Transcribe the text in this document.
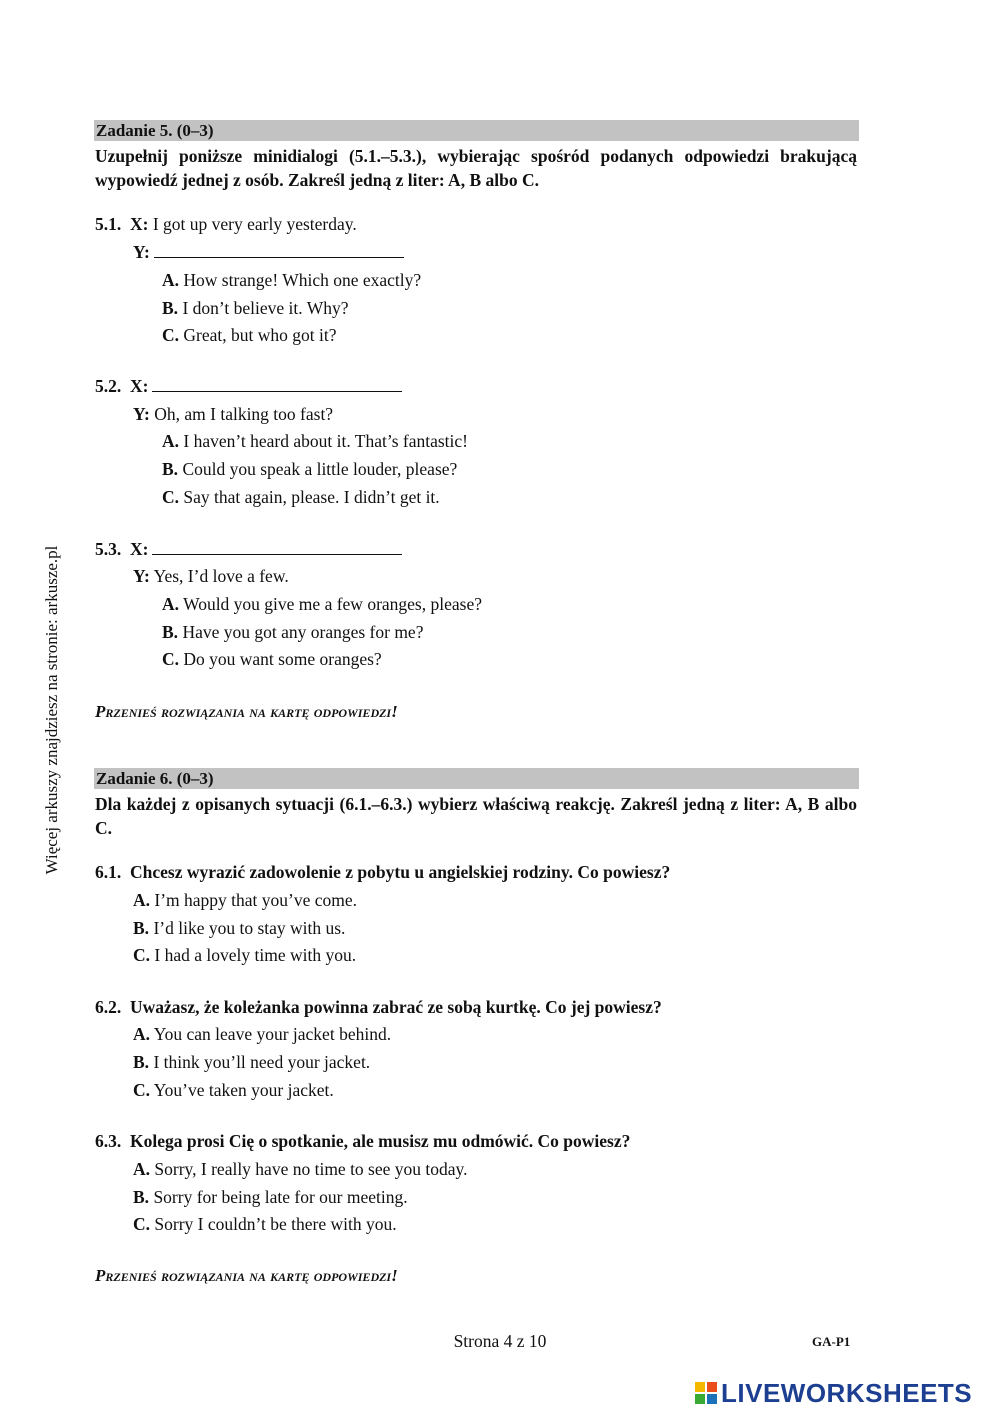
Więcej arkuszy znajdziesz na stronie: arkusze.pl
Zadanie 5. (0–3)
Uzupełnij poniższe minidialogi (5.1.–5.3.), wybierając spośród podanych odpowiedzi brakującą wypowiedź jednej z osób. Zakreśl jedną z liter: A, B albo C.
5.1. X: I got up very early yesterday.
Y:
A. How strange! Which one exactly?
B. I don’t believe it. Why?
C. Great, but who got it?
5.2. X:
Y: Oh, am I talking too fast?
A. I haven’t heard about it. That’s fantastic!
B. Could you speak a little louder, please?
C. Say that again, please. I didn’t get it.
5.3. X:
Y: Yes, I’d love a few.
A. Would you give me a few oranges, please?
B. Have you got any oranges for me?
C. Do you want some oranges?
Przenieś rozwiązania na kartę odpowiedzi!
Zadanie 6. (0–3)
Dla każdej z opisanych sytuacji (6.1.–6.3.) wybierz właściwą reakcję. Zakreśl jedną z liter: A, B albo C.
6.1. Chcesz wyrazić zadowolenie z pobytu u angielskiej rodziny. Co powiesz?
A. I’m happy that you’ve come.
B. I’d like you to stay with us.
C. I had a lovely time with you.
6.2. Uważasz, że koleżanka powinna zabrać ze sobą kurtkę. Co jej powiesz?
A. You can leave your jacket behind.
B. I think you’ll need your jacket.
C. You’ve taken your jacket.
6.3. Kolega prosi Cię o spotkanie, ale musisz mu odmówić. Co powiesz?
A. Sorry, I really have no time to see you today.
B. Sorry for being late for our meeting.
C. Sorry I couldn’t be there with you.
Przenieś rozwiązania na kartę odpowiedzi!
Strona 4 z 10	GA-P1
LIVEWORKSHEETS
